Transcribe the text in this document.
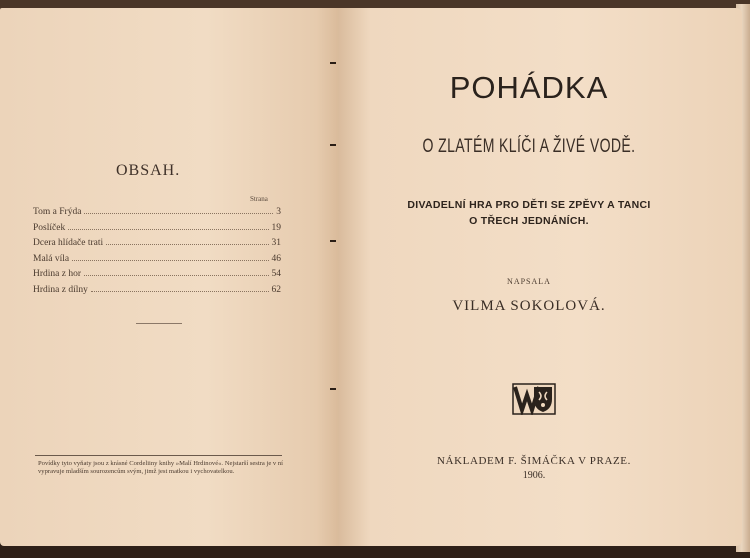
OBSAH.
Strana
Tom a Frýda	3
Poslíček	19
Dcera hlídače trati	31
Malá víla	46
Hrdina z hor	54
Hrdina z dílny	62
Povídky tyto vyňaty jsou z krásné Cordeliiny knihy »Malí Hrdinové«. Nejstarší sestra je v ní vypravuje mladším sourozencům svým, jimž jest matkou i vychovatelkou.
POHÁDKA
O ZLATÉM KLÍČI A ŽIVÉ VODĚ.
DIVADELNÍ HRA PRO DĚTI SE ZPĚVY A TANCI
O TŘECH JEDNÁNÍCH.
NAPSALA
VILMA SOKOLOVÁ.
NÁKLADEM F. ŠIMÁČKA V PRAZE.
1906.
